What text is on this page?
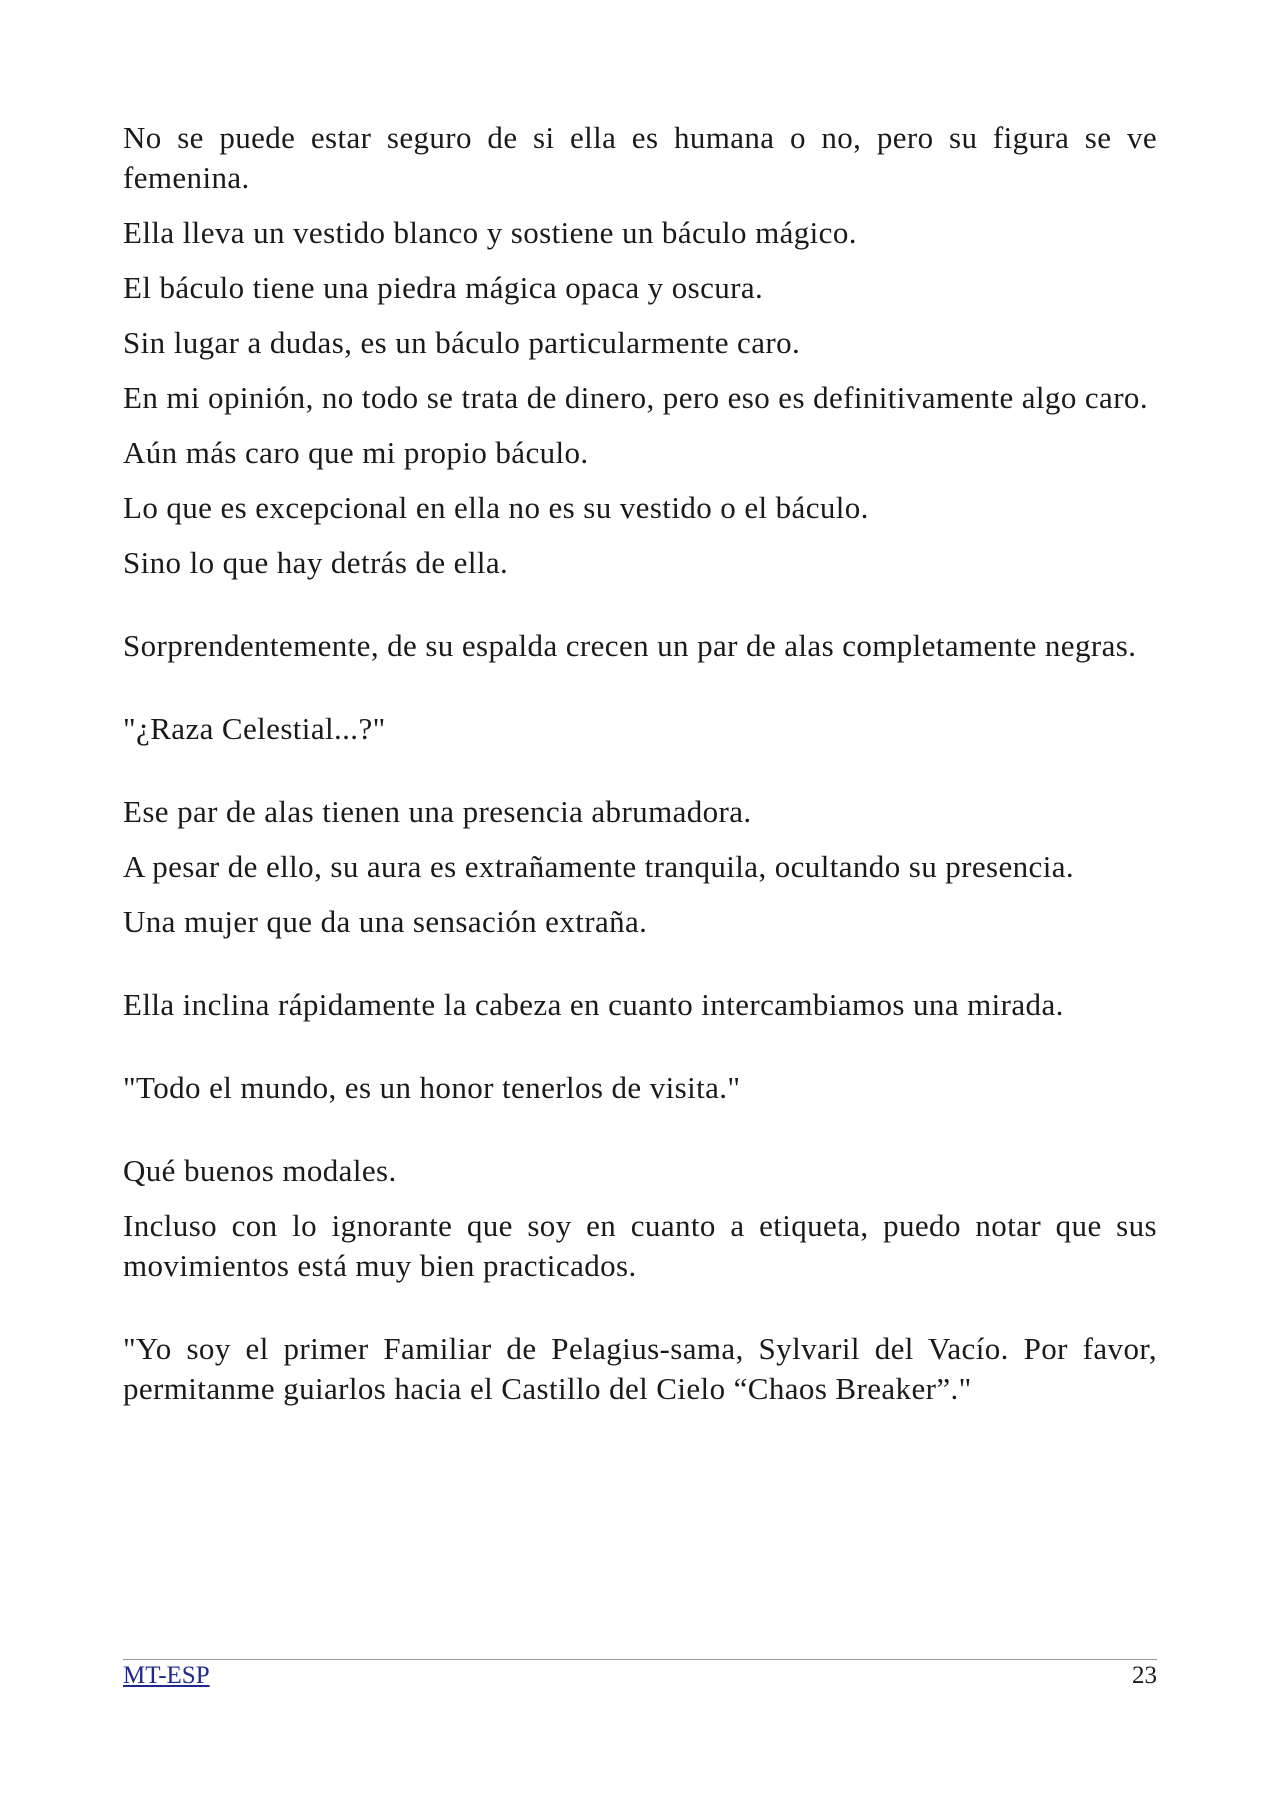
No se puede estar seguro de si ella es humana o no, pero su figura se ve femenina.

Ella lleva un vestido blanco y sostiene un báculo mágico.

El báculo tiene una piedra mágica opaca y oscura.

Sin lugar a dudas, es un báculo particularmente caro.

En mi opinión, no todo se trata de dinero, pero eso es definitivamente algo caro.

Aún más caro que mi propio báculo.

Lo que es excepcional en ella no es su vestido o el báculo.

Sino lo que hay detrás de ella.

Sorprendentemente, de su espalda crecen un par de alas completamente negras.

"¿Raza Celestial...?"

Ese par de alas tienen una presencia abrumadora.

A pesar de ello, su aura es extrañamente tranquila, ocultando su presencia.

Una mujer que da una sensación extraña.

Ella inclina rápidamente la cabeza en cuanto intercambiamos una mirada.

"Todo el mundo, es un honor tenerlos de visita."

Qué buenos modales.

Incluso con lo ignorante que soy en cuanto a etiqueta, puedo notar que sus movimientos está muy bien practicados.

"Yo soy el primer Familiar de Pelagius-sama, Sylvaril del Vacío. Por favor, permitanme guiarlos hacia el Castillo del Cielo “Chaos Breaker”."

MT-ESP	23
